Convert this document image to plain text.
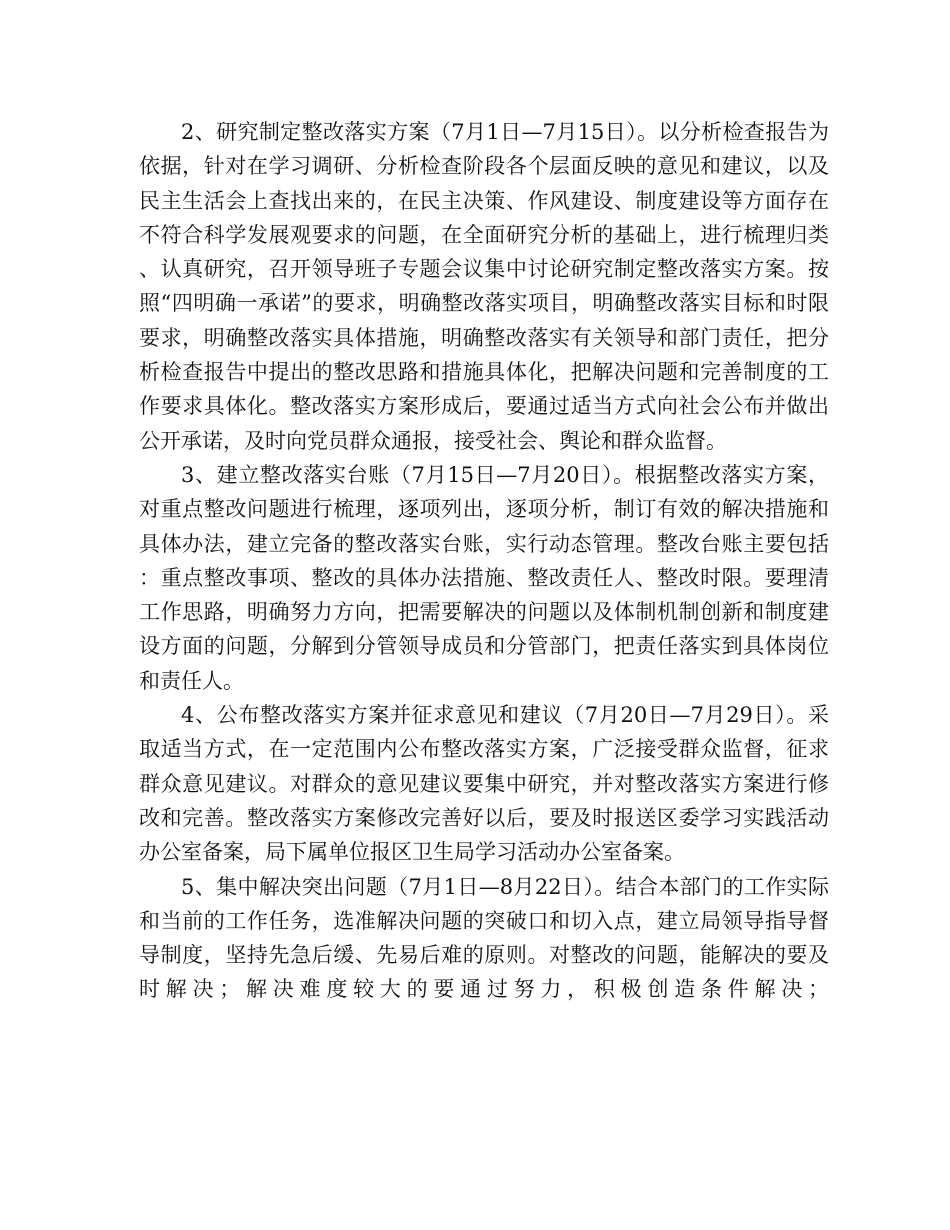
2、研究制定整改落实方案（7月1日—7月15日）。以分析检查报告为依据，针对在学习调研、分析检查阶段各个层面反映的意见和建议，以及民主生活会上查找出来的，在民主决策、作风建设、制度建设等方面存在不符合科学发展观要求的问题，在全面研究分析的基础上，进行梳理归类、认真研究，召开领导班子专题会议集中讨论研究制定整改落实方案。按照“四明确一承诺”的要求，明确整改落实项目，明确整改落实目标和时限要求，明确整改落实具体措施，明确整改落实有关领导和部门责任，把分析检查报告中提出的整改思路和措施具体化，把解决问题和完善制度的工作要求具体化。整改落实方案形成后，要通过适当方式向社会公布并做出公开承诺，及时向党员群众通报，接受社会、舆论和群众监督。

3、建立整改落实台账（7月15日—7月20日）。根据整改落实方案，对重点整改问题进行梳理，逐项列出，逐项分析，制订有效的解决措施和具体办法，建立完备的整改落实台账，实行动态管理。整改台账主要包括：重点整改事项、整改的具体办法措施、整改责任人、整改时限。要理清工作思路，明确努力方向，把需要解决的问题以及体制机制创新和制度建设方面的问题，分解到分管领导成员和分管部门，把责任落实到具体岗位和责任人。

4、公布整改落实方案并征求意见和建议（7月20日—7月29日）。采取适当方式，在一定范围内公布整改落实方案，广泛接受群众监督，征求群众意见建议。对群众的意见建议要集中研究，并对整改落实方案进行修改和完善。整改落实方案修改完善好以后，要及时报送区委学习实践活动办公室备案，局下属单位报区卫生局学习活动办公室备案。

5、集中解决突出问题（7月1日—8月22日）。结合本部门的工作实际和当前的工作任务，选准解决问题的突破口和切入点，建立局领导指导督导制度，坚持先急后缓、先易后难的原则。对整改的问题，能解决的要及时解决；解决难度较大的要通过努力，积极创造条件解决；
